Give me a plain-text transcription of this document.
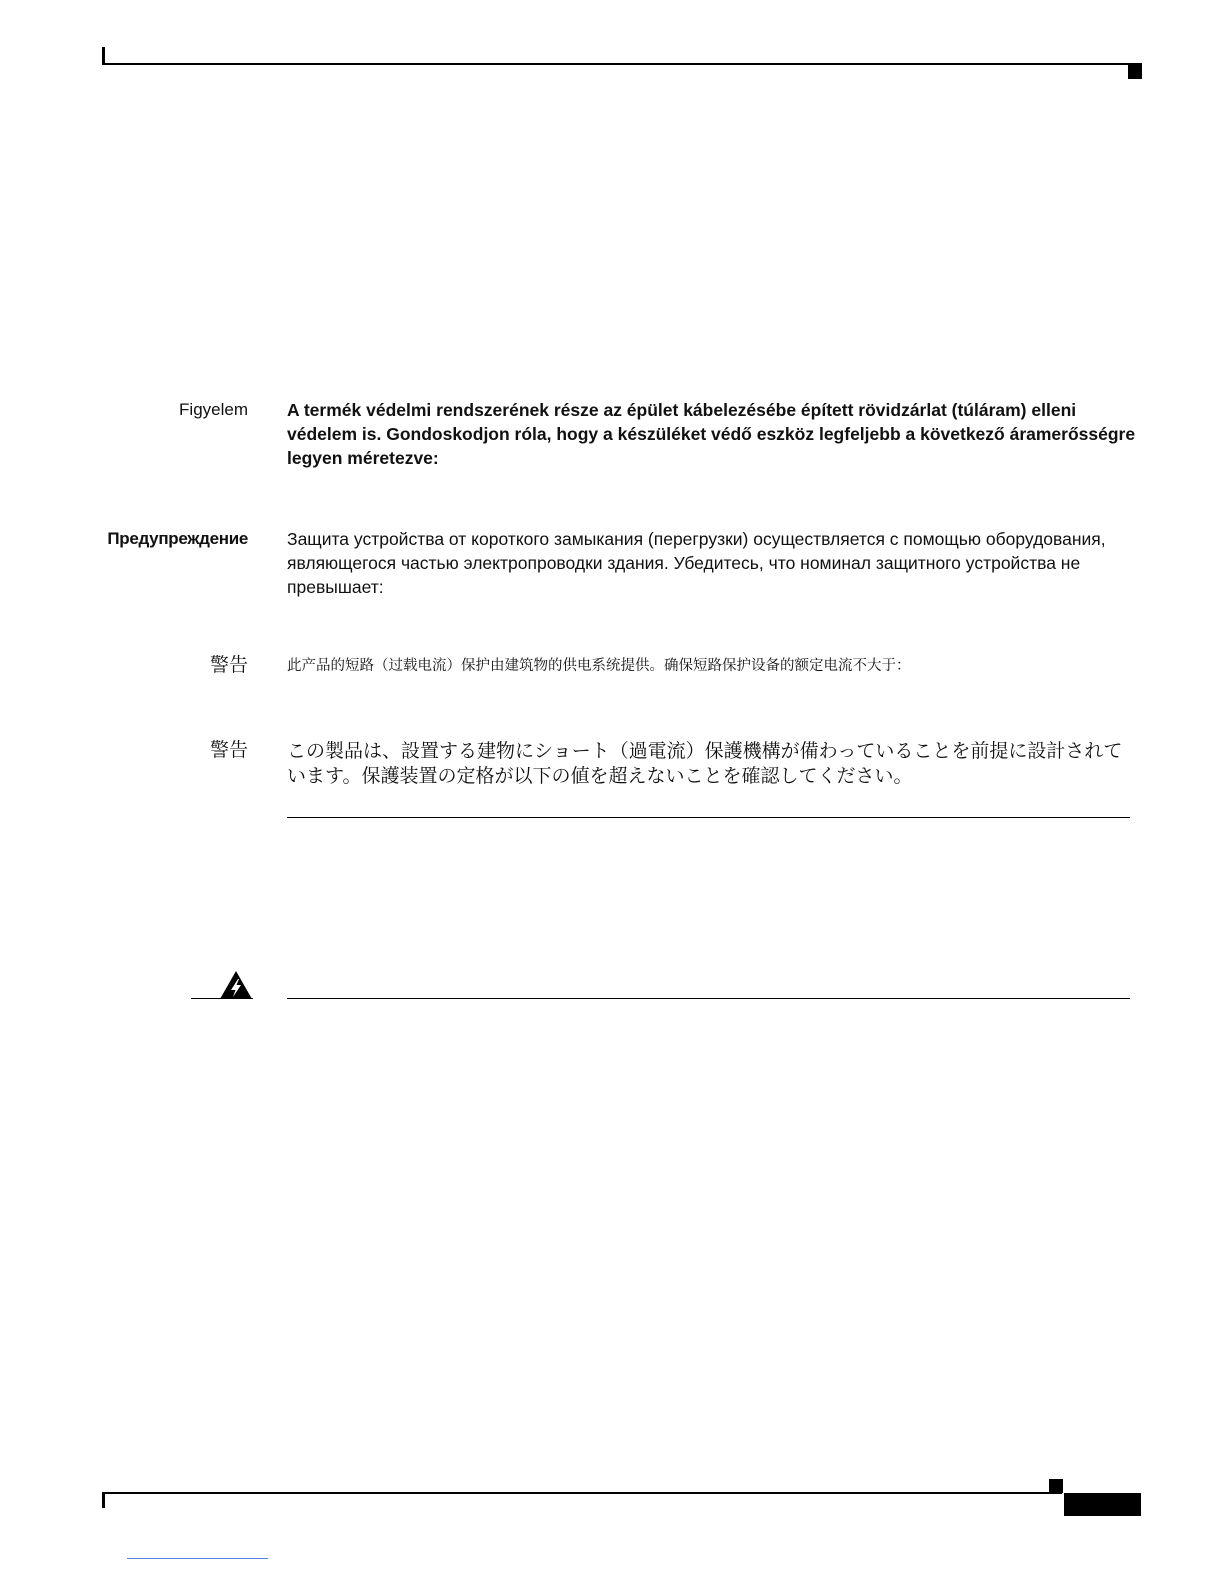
Figyelem A termék védelmi rendszerének része az épület kábelezésébe épített rövidzárlat (túláram) elleni védelem is. Gondoskodjon róla, hogy a készüléket védő eszköz legfeljebb a következő áramerősségre legyen méretezve:
Предупреждение Защита устройства от короткого замыкания (перегрузки) осуществляется с помощью оборудования, являющегося частью электропроводки здания. Убедитесь, что номинал защитного устройства не превышает:
警告	此产品的短路（过载电流）保护由建筑物的供电系统提供。确保短路保护设备的额定电流不大于：
警告 この製品は、設置する建物にショート（過電流）保護機構が備わっていることを前提に設計されています。保護装置の定格が以下の値を超えないことを確認してください。
